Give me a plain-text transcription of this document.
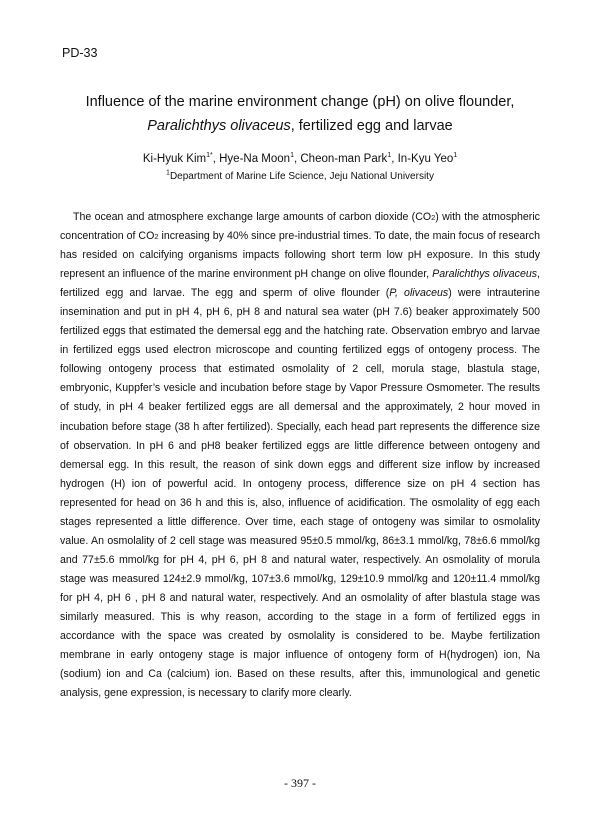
PD-33
Influence of the marine environment change (pH) on olive flounder, Paralichthys olivaceus, fertilized egg and larvae
Ki-Hyuk Kim$^{1*}$, Hye-Na Moon$^1$, Cheon-man Park$^1$, In-Kyu Yeo$^1$
$^1$Department of Marine Life Science, Jeju National University

The ocean and atmosphere exchange large amounts of carbon dioxide (CO2) with the atmospheric concentration of CO2 increasing by 40% since pre-industrial times. To date, the main focus of research has resided on calcifying organisms impacts following short term low pH exposure. In this study represent an influence of the marine environment pH change on olive flounder, Paralichthys olivaceus, fertilized egg and larvae. The egg and sperm of olive flounder (P, olivaceus) were intrauterine insemination and put in pH 4, pH 6, pH 8 and natural sea water (pH 7.6) beaker approximately 500 fertilized eggs that estimated the demersal egg and the hatching rate. Observation embryo and larvae in fertilized eggs used electron microscope and counting fertilized eggs of ontogeny process. The following ontogeny process that estimated osmolality of 2 cell, morula stage, blastula stage, embryonic, Kuppfer’s vesicle and incubation before stage by Vapor Pressure Osmometer. The results of study, in pH 4 beaker fertilized eggs are all demersal and the approximately, 2 hour moved in incubation before stage (38 h after fertilized). Specially, each head part represents the difference size of observation. In pH 6 and pH8 beaker fertilized eggs are little difference between ontogeny and demersal egg. In this result, the reason of sink down eggs and different size inflow by increased hydrogen (H) ion of powerful acid. In ontogeny process, difference size on pH 4 section has represented for head on 36 h and this is, also, influence of acidification. The osmolality of egg each stages represented a little difference. Over time, each stage of ontogeny was similar to osmolality value. An osmolality of 2 cell stage was measured 95±0.5 mmol/kg, 86±3.1 mmol/kg, 78±6.6 mmol/kg and 77±5.6 mmol/kg for pH 4, pH 6, pH 8 and natural water, respectively. An osmolality of morula stage was measured 124±2.9 mmol/kg, 107±3.6 mmol/kg, 129±10.9 mmol/kg and 120±11.4 mmol/kg for pH 4, pH 6 , pH 8 and natural water, respectively. And an osmolality of after blastula stage was similarly measured. This is why reason, according to the stage in a form of fertilized eggs in accordance with the space was created by osmolality is considered to be. Maybe fertilization membrane in early ontogeny stage is major influence of ontogeny form of H(hydrogen) ion, Na (sodium) ion and Ca (calcium) ion. Based on these results, after this, immunological and genetic analysis, gene expression, is necessary to clarify more clearly.

- 397 -
